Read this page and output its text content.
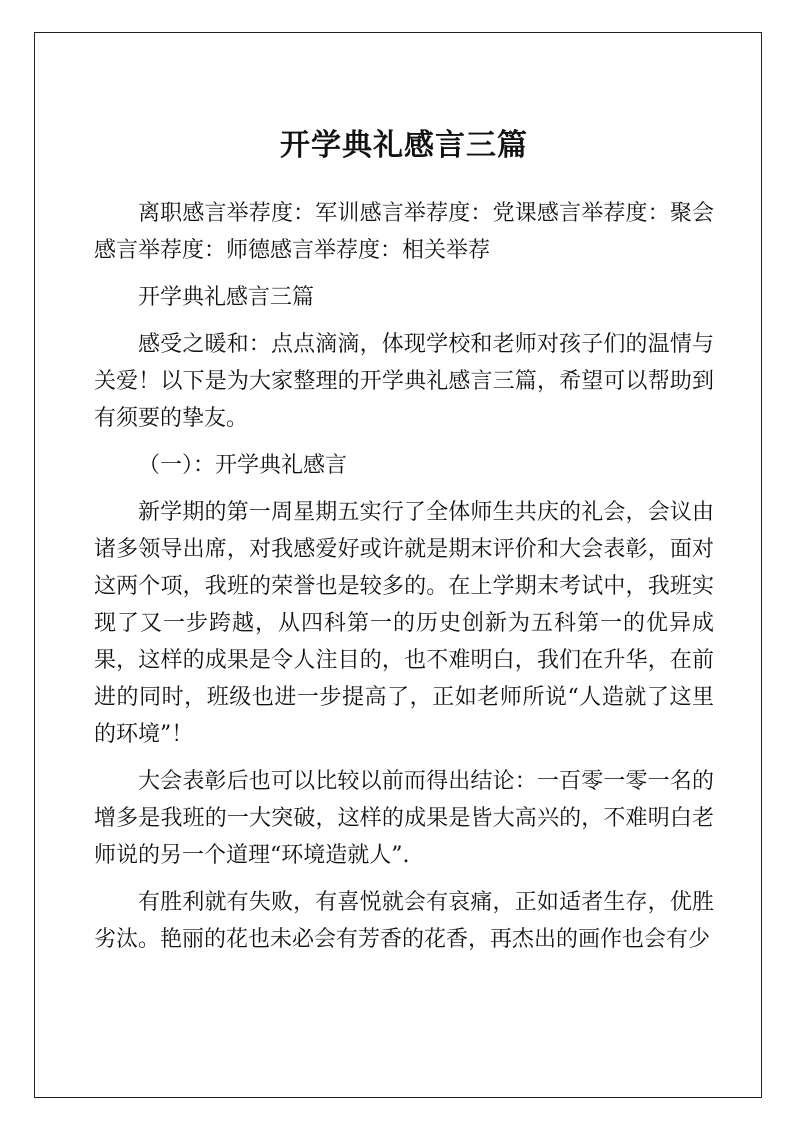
开学典礼感言三篇

离职感言举荐度：军训感言举荐度：党课感言举荐度：聚会感言举荐度：师德感言举荐度：相关举荐

开学典礼感言三篇

感受之暖和：点点滴滴，体现学校和老师对孩子们的温情与关爱！以下是为大家整理的开学典礼感言三篇，希望可以帮助到有须要的挚友。

（一）：开学典礼感言

新学期的第一周星期五实行了全体师生共庆的礼会，会议由诸多领导出席，对我感爱好或许就是期末评价和大会表彰，面对这两个项，我班的荣誉也是较多的。在上学期末考试中，我班实现了又一步跨越，从四科第一的历史创新为五科第一的优异成果，这样的成果是令人注目的，也不难明白，我们在升华，在前进的同时，班级也进一步提高了，正如老师所说“人造就了这里的环境”！

大会表彰后也可以比较以前而得出结论：一百零一零一名的增多是我班的一大突破，这样的成果是皆大高兴的，不难明白老师说的另一个道理“环境造就人”.

有胜利就有失败，有喜悦就会有哀痛，正如适者生存，优胜劣汰。艳丽的花也未必会有芳香的花香，再杰出的画作也会有少
